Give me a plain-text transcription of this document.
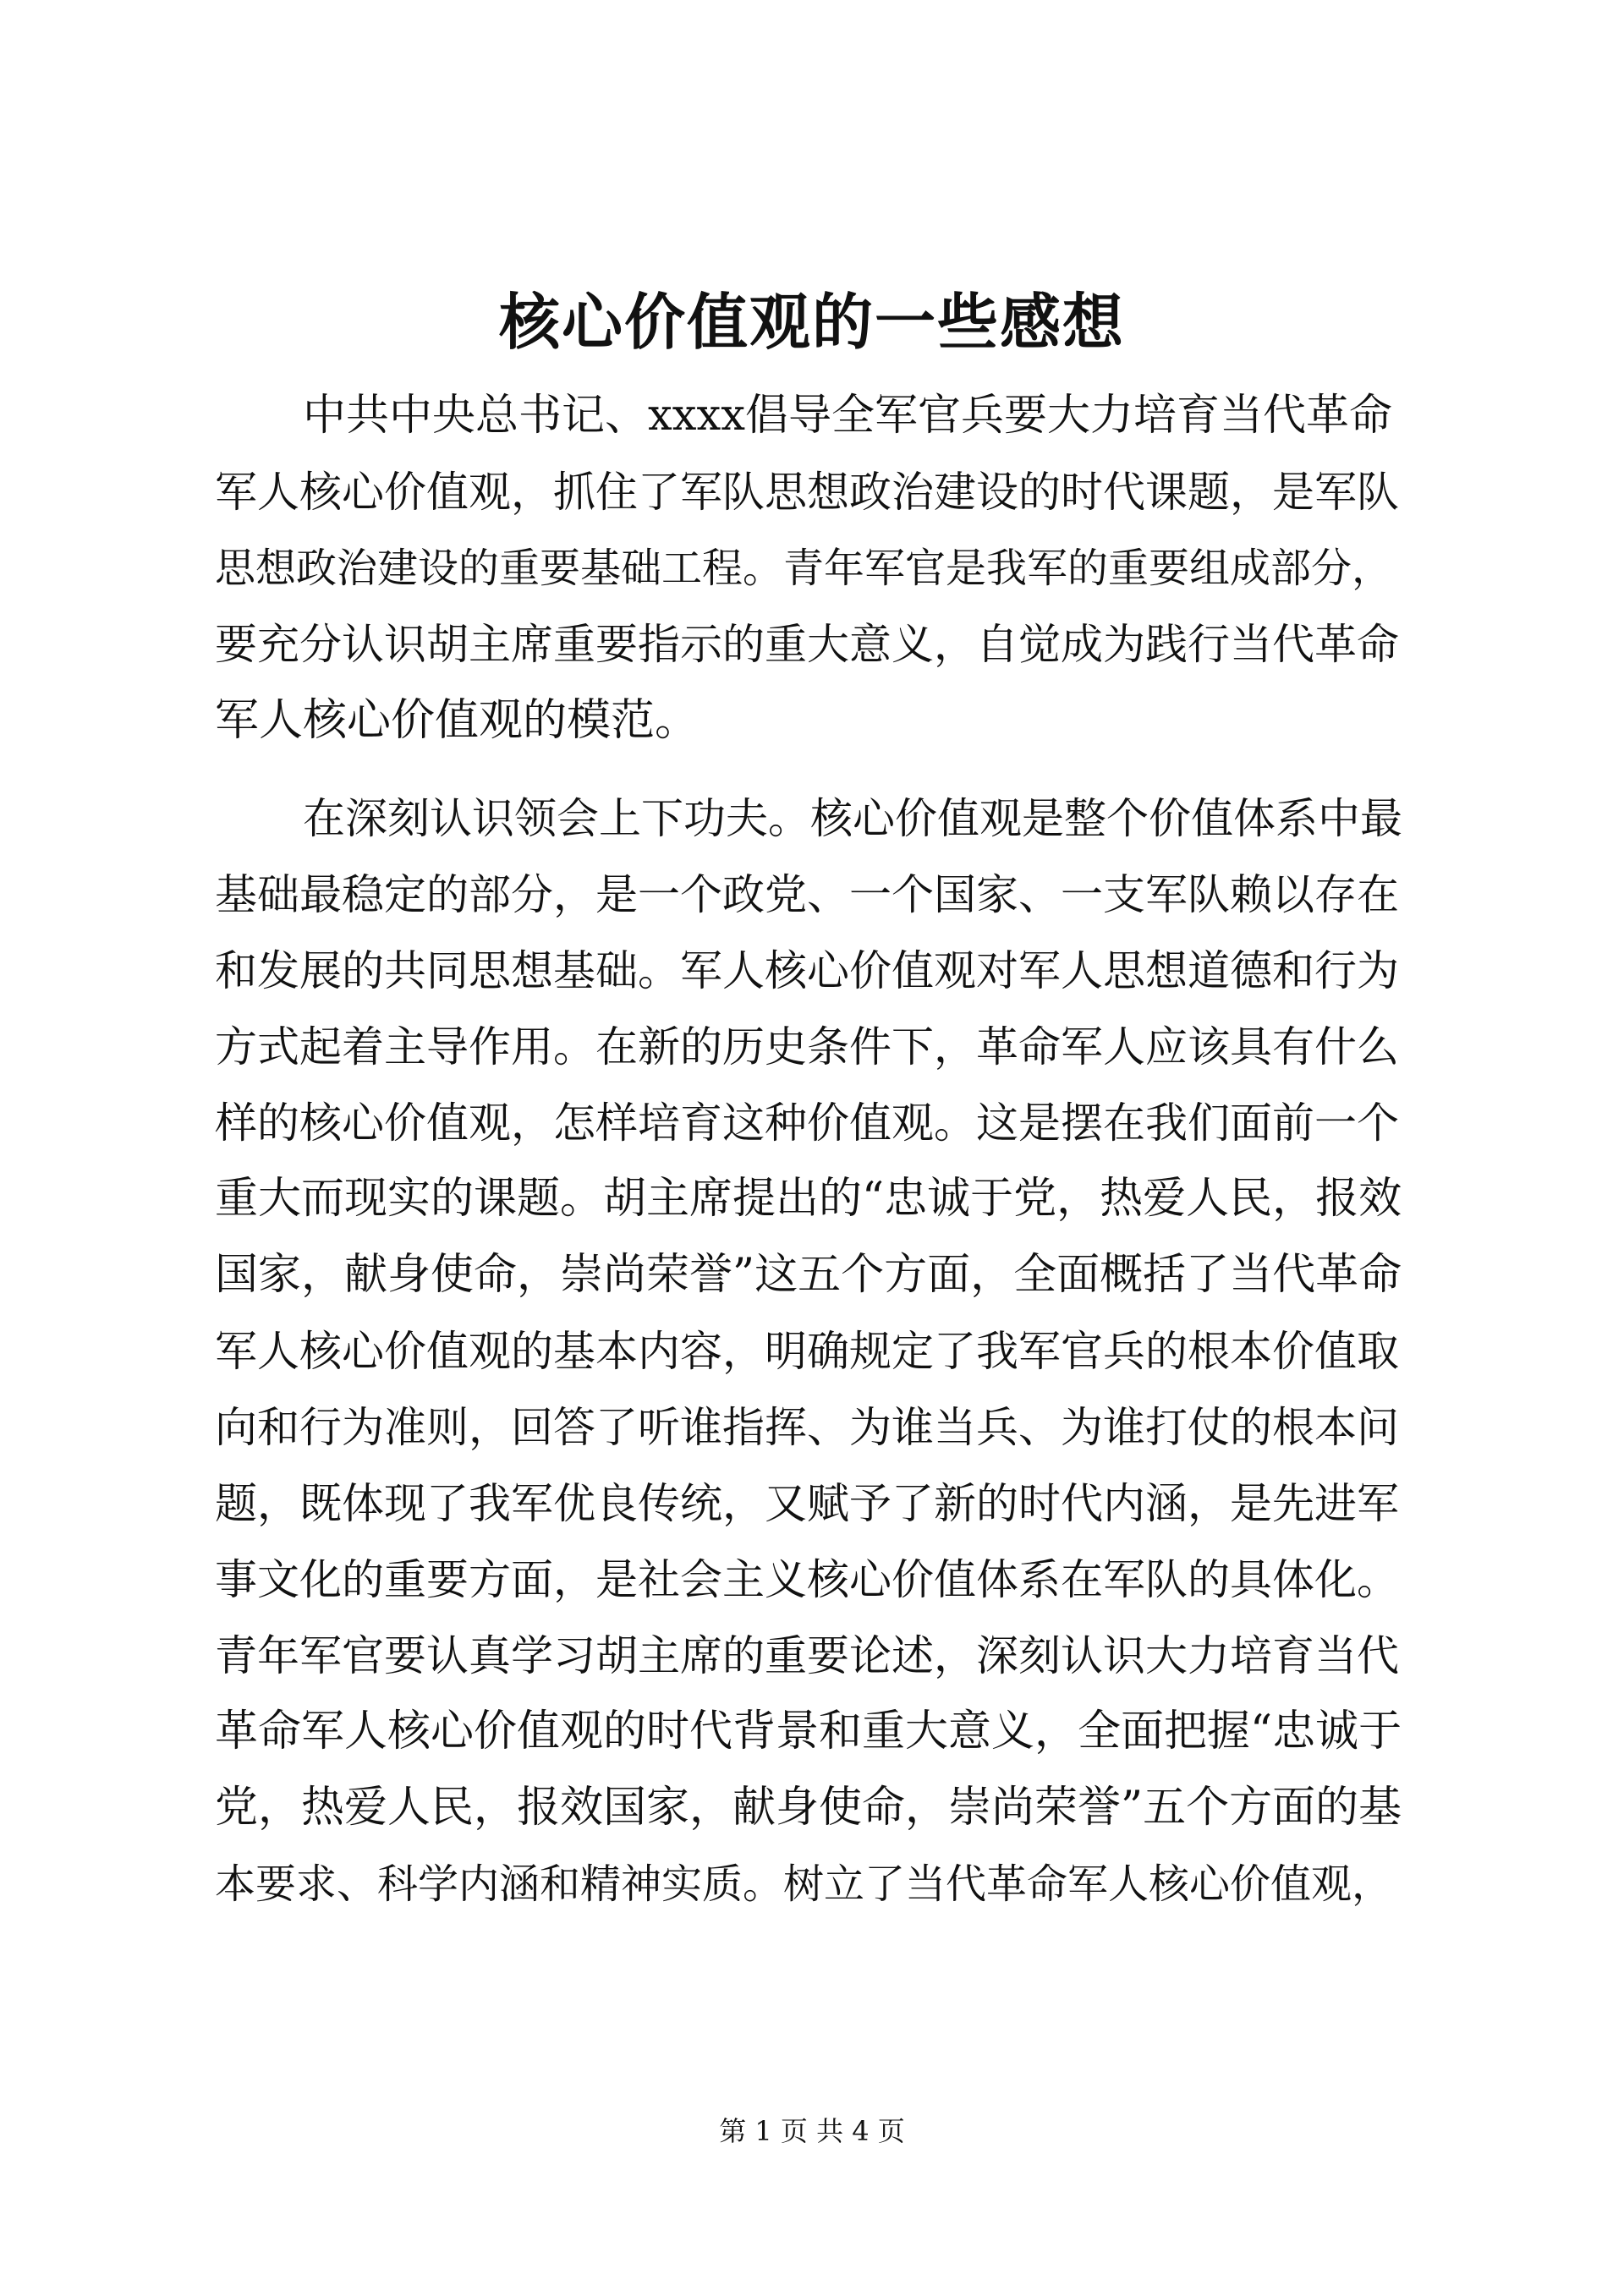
核心价值观的一些感想
中共中央总书记、xxxx倡导全军官兵要大力培育当代革命
军人核心价值观，抓住了军队思想政治建设的时代课题，是军队
思想政治建设的重要基础工程。青年军官是我军的重要组成部分，
要充分认识胡主席重要指示的重大意义，自觉成为践行当代革命
军人核心价值观的模范。
在深刻认识领会上下功夫。核心价值观是整个价值体系中最
基础最稳定的部分，是一个政党、一个国家、一支军队赖以存在
和发展的共同思想基础。军人核心价值观对军人思想道德和行为
方式起着主导作用。在新的历史条件下，革命军人应该具有什么
样的核心价值观，怎样培育这种价值观。这是摆在我们面前一个
重大而现实的课题。胡主席提出的“忠诚于党，热爱人民，报效
国家，献身使命，崇尚荣誉”这五个方面，全面概括了当代革命
军人核心价值观的基本内容，明确规定了我军官兵的根本价值取
向和行为准则，回答了听谁指挥、为谁当兵、为谁打仗的根本问
题，既体现了我军优良传统，又赋予了新的时代内涵，是先进军
事文化的重要方面，是社会主义核心价值体系在军队的具体化。
青年军官要认真学习胡主席的重要论述，深刻认识大力培育当代
革命军人核心价值观的时代背景和重大意义，全面把握“忠诚于
党，热爱人民，报效国家，献身使命，崇尚荣誉”五个方面的基
本要求、科学内涵和精神实质。树立了当代革命军人核心价值观，
第 1 页 共 4 页
